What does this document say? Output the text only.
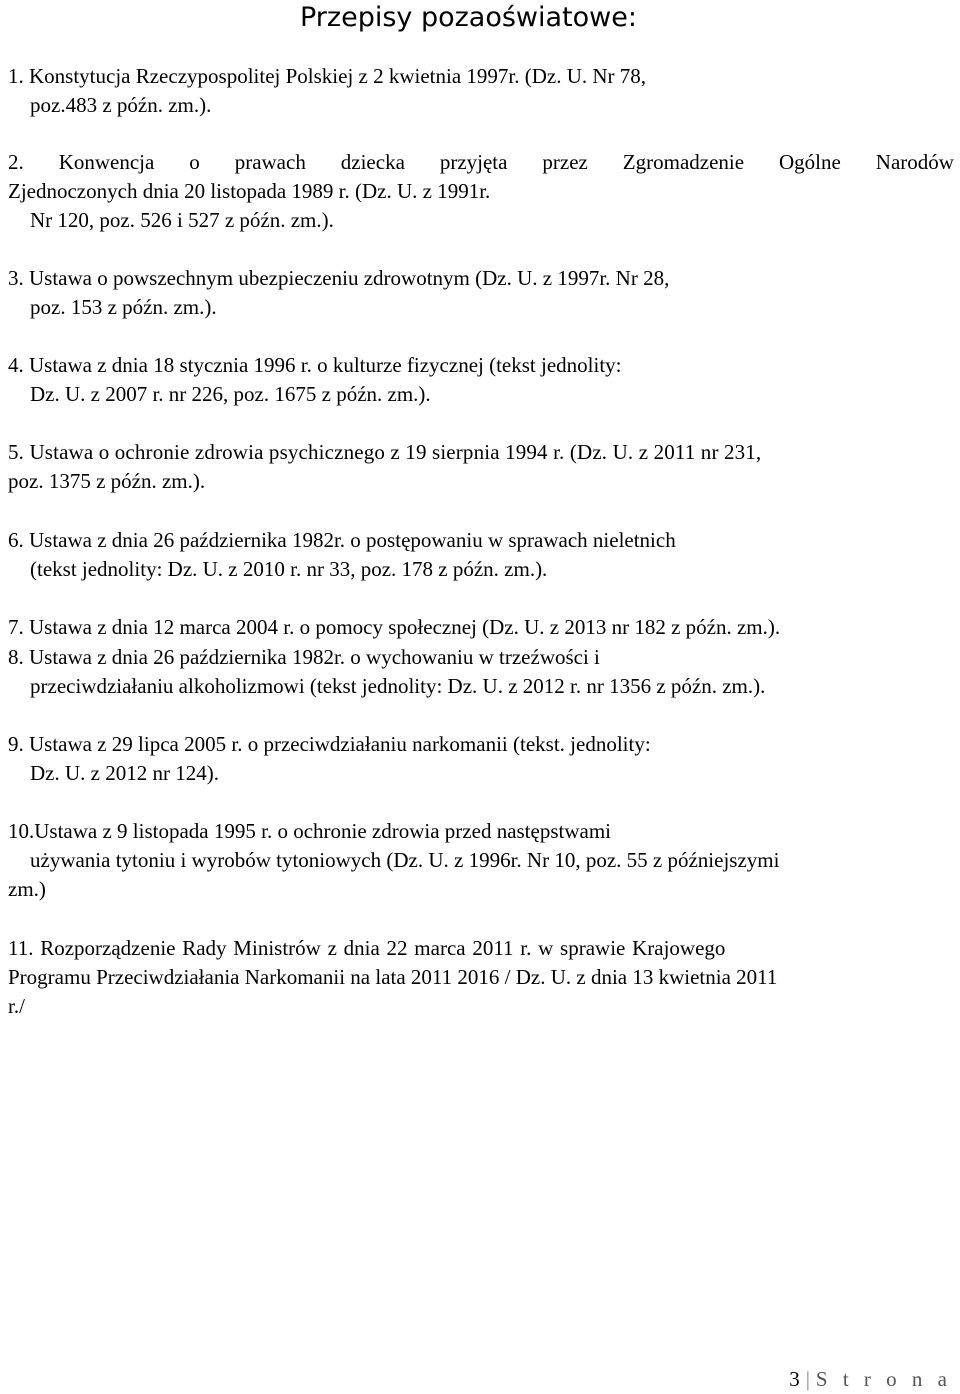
Przepisy pozaoświatowe:
1. Konstytucja Rzeczypospolitej Polskiej z 2 kwietnia 1997r. (Dz. U. Nr 78,
poz.483 z późn. zm.).
2. Konwencja o prawach dziecka przyjęta przez Zgromadzenie Ogólne Narodów
Zjednoczonych dnia 20 listopada 1989 r. (Dz. U. z 1991r.
Nr 120, poz. 526 i 527 z późn. zm.).
3. Ustawa o powszechnym ubezpieczeniu zdrowotnym (Dz. U. z 1997r. Nr 28,
poz. 153 z późn. zm.).
4. Ustawa z dnia 18 stycznia 1996 r. o kulturze fizycznej (tekst jednolity:
Dz. U. z 2007 r. nr 226, poz. 1675 z późn. zm.).
5. Ustawa o ochronie zdrowia psychicznego z 19 sierpnia 1994 r. (Dz. U. z 2011 nr 231,
poz. 1375 z późn. zm.).
6. Ustawa z dnia 26 października 1982r. o postępowaniu w sprawach nieletnich
(tekst jednolity: Dz. U. z 2010 r. nr 33, poz. 178 z późn. zm.).
7. Ustawa z dnia 12 marca 2004 r. o pomocy społecznej (Dz. U. z 2013 nr 182 z późn. zm.).
8. Ustawa z dnia 26 października 1982r. o wychowaniu w trzeźwości i
przeciwdziałaniu alkoholizmowi (tekst jednolity: Dz. U. z 2012 r. nr 1356 z późn. zm.).
9. Ustawa z 29 lipca 2005 r. o przeciwdziałaniu narkomanii (tekst. jednolity:
Dz. U. z 2012 nr 124).
10.Ustawa z 9 listopada 1995 r. o ochronie zdrowia przed następstwami
używania tytoniu i wyrobów tytoniowych (Dz. U. z 1996r. Nr 10, poz. 55 z późniejszymi
zm.)
11. Rozporządzenie Rady Ministrów z dnia 22 marca 2011 r. w sprawie Krajowego
Programu Przeciwdziałania Narkomanii na lata 2011 2016 / Dz. U. z dnia 13 kwietnia 2011
r./
3 | S t r o n a
